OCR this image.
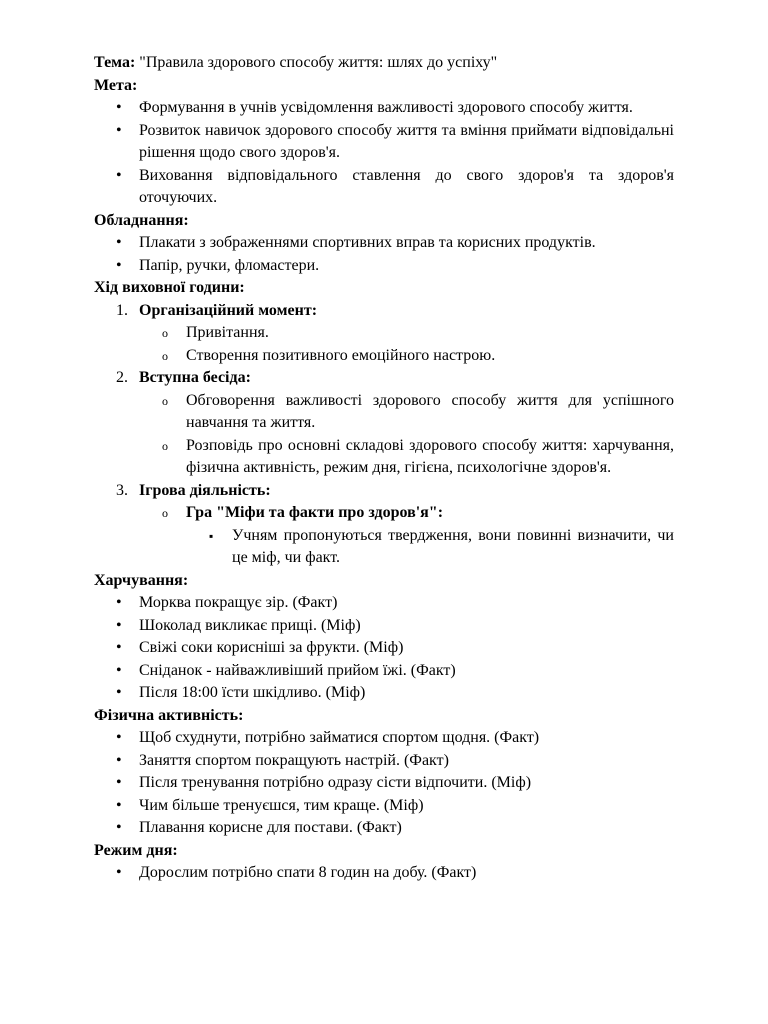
Тема: "Правила здорового способу життя: шлях до успіху"

Мета:

• Формування в учнів усвідомлення важливості здорового способу життя.
• Розвиток навичок здорового способу життя та вміння приймати відповідальні рішення щодо свого здоров'я.
• Виховання відповідального ставлення до свого здоров'я та здоров'я оточуючих.

Обладнання:

• Плакати з зображеннями спортивних вправ та корисних продуктів.
• Папір, ручки, фломастери.

Хід виховної години:

1. Організаційний момент:
o Привітання.
o Створення позитивного емоційного настрою.
2. Вступна бесіда:
o Обговорення важливості здорового способу життя для успішного навчання та життя.
o Розповідь про основні складові здорового способу життя: харчування, фізична активність, режим дня, гігієна, психологічне здоров'я.
3. Ігрова діяльність:
o Гра "Міфи та факти про здоров'я":
▪ Учням пропонуються твердження, вони повинні визначити, чи це міф, чи факт.

Харчування:

• Морква покращує зір. (Факт)
• Шоколад викликає прищі. (Міф)
• Свіжі соки корисніші за фрукти. (Міф)
• Сніданок - найважливіший прийом їжі. (Факт)
• Після 18:00 їсти шкідливо. (Міф)

Фізична активність:

• Щоб схуднути, потрібно займатися спортом щодня. (Факт)
• Заняття спортом покращують настрій. (Факт)
• Після тренування потрібно одразу сісти відпочити. (Міф)
• Чим більше тренуєшся, тим краще. (Міф)
• Плавання корисне для постави. (Факт)

Режим дня:

• Дорослим потрібно спати 8 годин на добу. (Факт)
